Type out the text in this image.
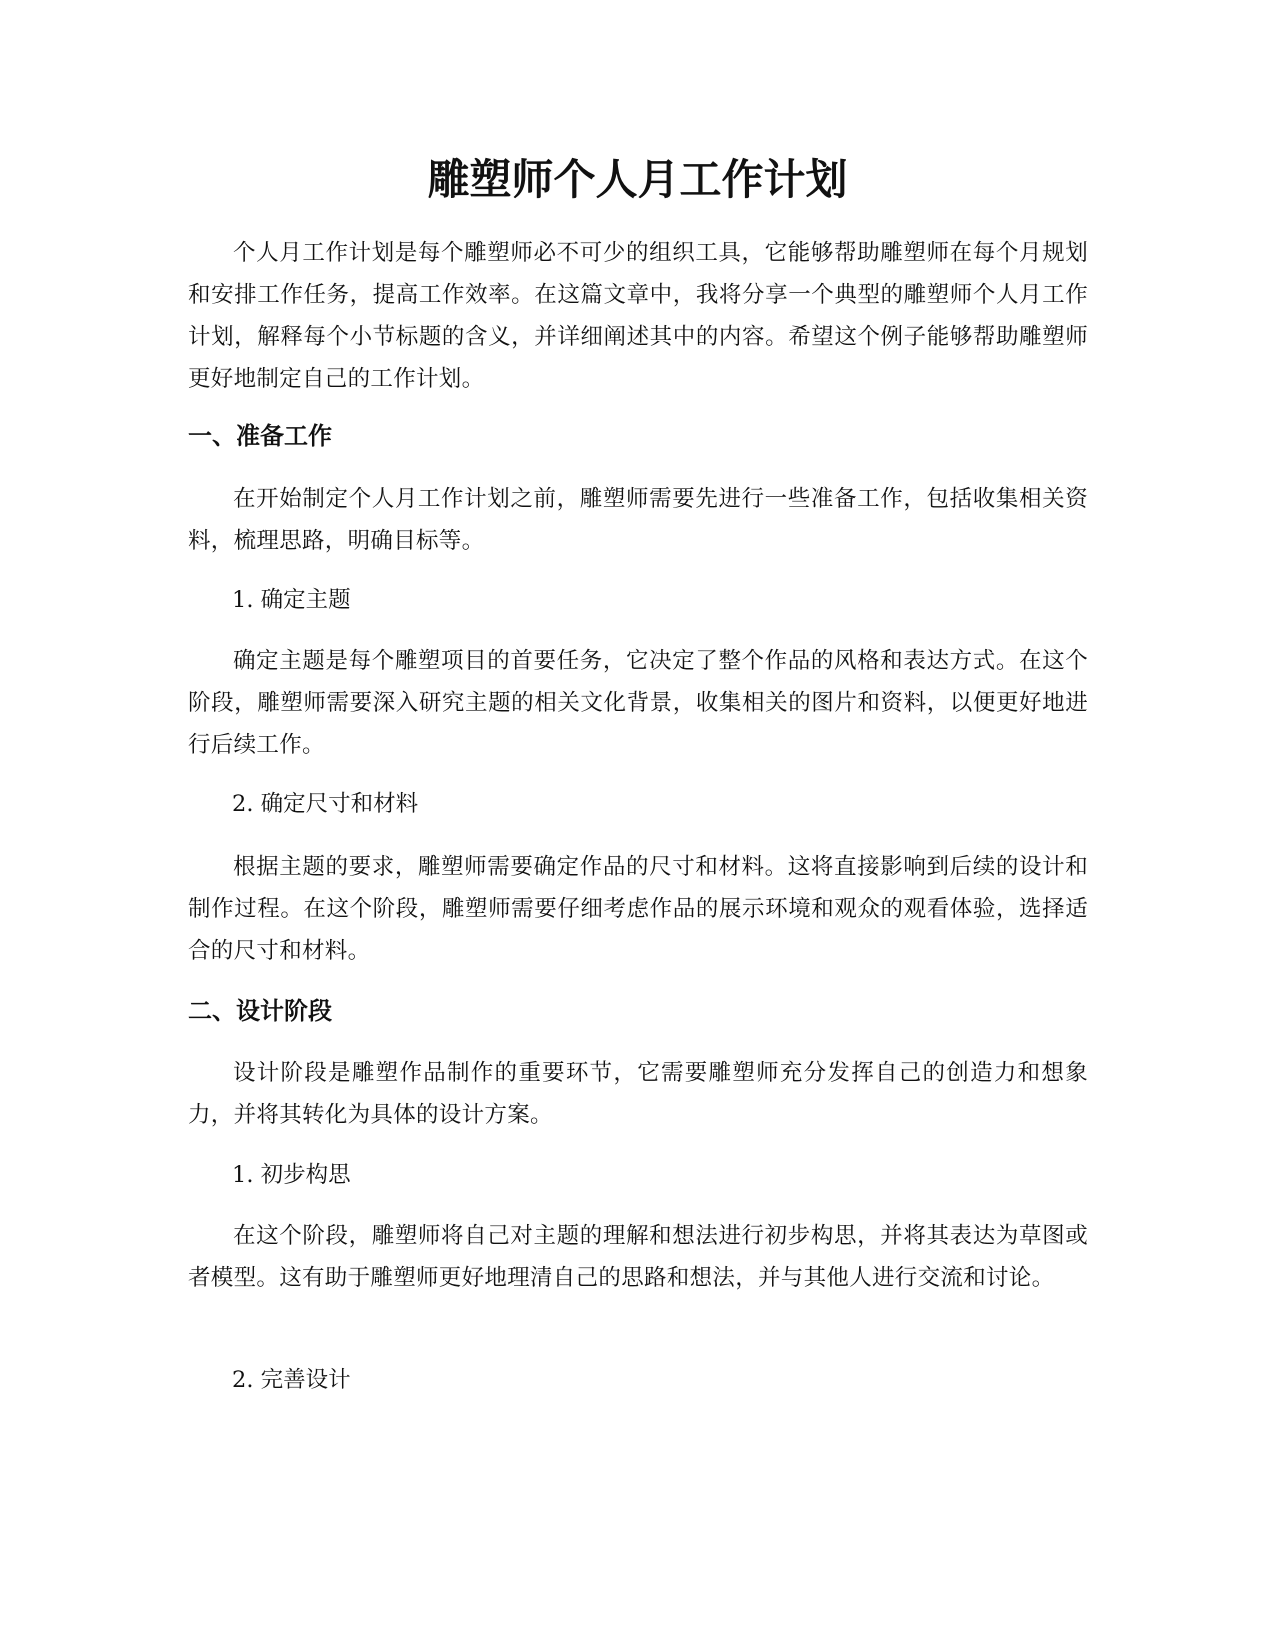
雕塑师个人月工作计划

个人月工作计划是每个雕塑师必不可少的组织工具，它能够帮助雕塑师在每个月规划和安排工作任务，提高工作效率。在这篇文章中，我将分享一个典型的雕塑师个人月工作计划，解释每个小节标题的含义，并详细阐述其中的内容。希望这个例子能够帮助雕塑师更好地制定自己的工作计划。

一、准备工作

在开始制定个人月工作计划之前，雕塑师需要先进行一些准备工作，包括收集相关资料，梳理思路，明确目标等。

1. 确定主题

确定主题是每个雕塑项目的首要任务，它决定了整个作品的风格和表达方式。在这个阶段，雕塑师需要深入研究主题的相关文化背景，收集相关的图片和资料，以便更好地进行后续工作。

2. 确定尺寸和材料

根据主题的要求，雕塑师需要确定作品的尺寸和材料。这将直接影响到后续的设计和制作过程。在这个阶段，雕塑师需要仔细考虑作品的展示环境和观众的观看体验，选择适合的尺寸和材料。

二、设计阶段

设计阶段是雕塑作品制作的重要环节，它需要雕塑师充分发挥自己的创造力和想象力，并将其转化为具体的设计方案。

1. 初步构思

在这个阶段，雕塑师将自己对主题的理解和想法进行初步构思，并将其表达为草图或者模型。这有助于雕塑师更好地理清自己的思路和想法，并与其他人进行交流和讨论。

2. 完善设计
